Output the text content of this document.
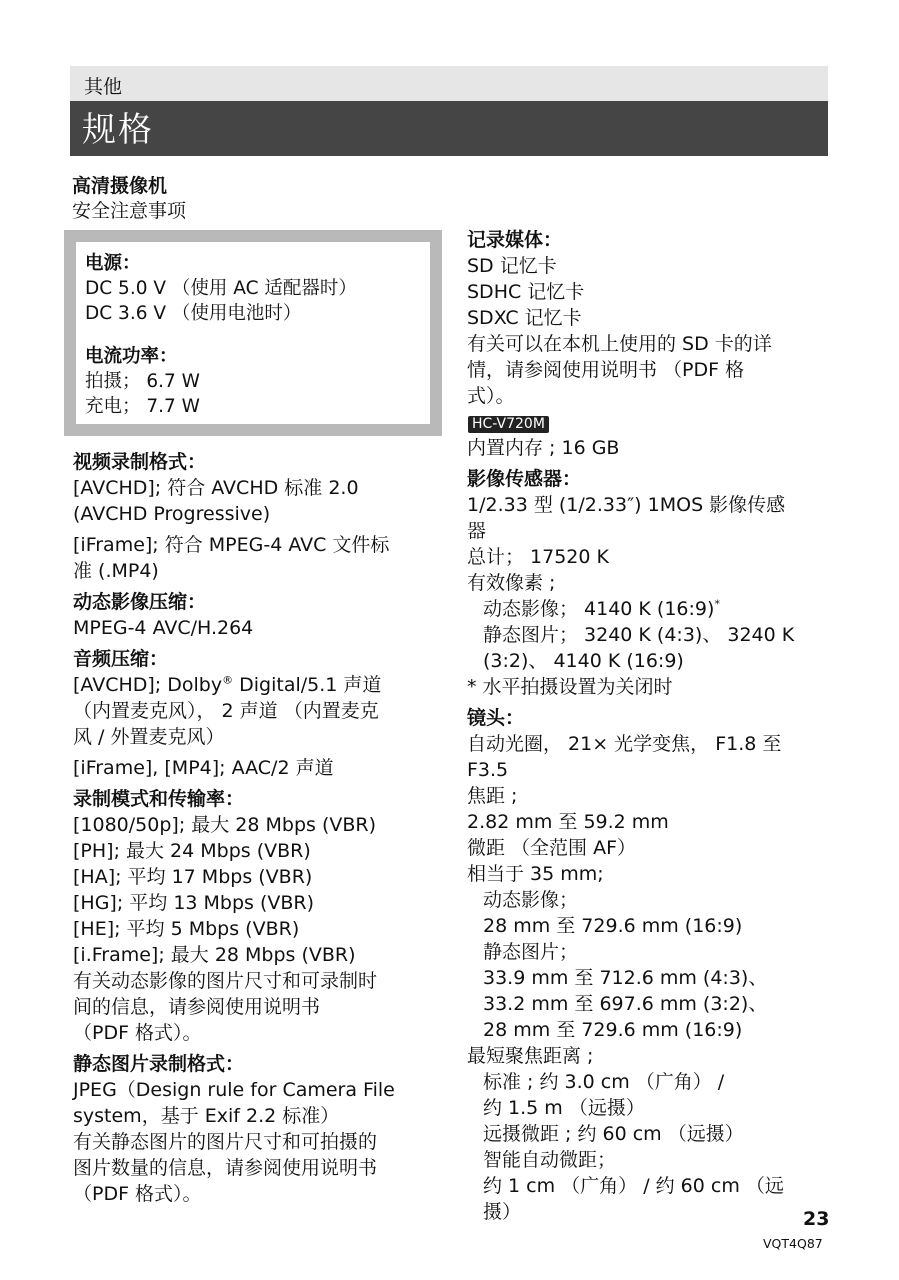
其他
规格
高清摄像机
安全注意事项
电源：
DC 5.0 V （使用 AC 适配器时）
DC 3.6 V （使用电池时）
电流功率：
拍摄； 6.7 W
充电； 7.7 W
视频录制格式：
[AVCHD]; 符合 AVCHD 标准 2.0
(AVCHD Progressive)
[iFrame]; 符合 MPEG-4 AVC 文件标
准 (.MP4)
动态影像压缩：
MPEG-4 AVC/H.264
音频压缩：
[AVCHD]; Dolby® Digital/5.1 声道
（内置麦克风）， 2 声道 （内置麦克
风 / 外置麦克风）
[iFrame], [MP4]; AAC/2 声道
录制模式和传输率：
[1080/50p]; 最大 28 Mbps (VBR)
[PH]; 最大 24 Mbps (VBR)
[HA]; 平均 17 Mbps (VBR)
[HG]; 平均 13 Mbps (VBR)
[HE]; 平均 5 Mbps (VBR)
[i.Frame]; 最大 28 Mbps (VBR)
有关动态影像的图片尺寸和可录制时
间的信息，请参阅使用说明书
（PDF 格式）。
静态图片录制格式：
JPEG（Design rule for Camera File
system，基于 Exif 2.2 标准）
有关静态图片的图片尺寸和可拍摄的
图片数量的信息，请参阅使用说明书
（PDF 格式）。
记录媒体：
SD 记忆卡
SDHC 记忆卡
SDXC 记忆卡
有关可以在本机上使用的 SD 卡的详
情，请参阅使用说明书 （PDF 格
式）。
HC-V720M
内置内存 ; 16 GB
影像传感器：
1/2.33 型 (1/2.33″) 1MOS 影像传感
器
总计； 17520 K
有效像素 ;
动态影像； 4140 K (16:9)*
静态图片； 3240 K (4:3)、 3240 K
(3:2)、 4140 K (16:9)
* 水平拍摄设置为关闭时
镜头：
自动光圈， 21× 光学变焦， F1.8 至
F3.5
焦距 ;
2.82 mm 至 59.2 mm
微距 （全范围 AF）
相当于 35 mm;
动态影像；
28 mm 至 729.6 mm (16:9)
静态图片；
33.9 mm 至 712.6 mm (4:3)、
33.2 mm 至 697.6 mm (3:2)、
28 mm 至 729.6 mm (16:9)
最短聚焦距离 ;
标准 ; 约 3.0 cm （广角） /
约 1.5 m （远摄）
远摄微距 ; 约 60 cm （远摄）
智能自动微距；
约 1 cm （广角） / 约 60 cm （远
摄）	23
VQT4Q87
